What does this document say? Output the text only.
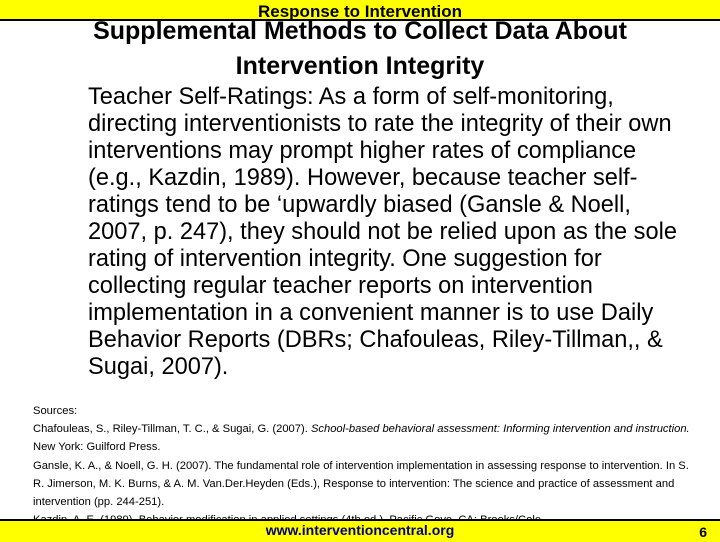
Response to Intervention
Supplemental Methods to Collect Data About
Intervention Integrity

Teacher Self-Ratings: As a form of self-monitoring, directing interventionists to rate the integrity of their own interventions may prompt higher rates of compliance (e.g., Kazdin, 1989). However, because teacher self-ratings tend to be ‘upwardly biased (Gansle & Noell, 2007, p. 247), they should not be relied upon as the sole rating of intervention integrity. One suggestion for collecting regular teacher reports on intervention implementation in a convenient manner is to use Daily Behavior Reports (DBRs; Chafouleas, Riley-Tillman,, & Sugai, 2007).

Sources:

Chafouleas, S., Riley-Tillman, T. C., & Sugai, G. (2007). School-based behavioral assessment: Informing intervention and instruction. New York: Guilford Press.

Gansle, K. A., & Noell, G. H. (2007). The fundamental role of intervention implementation in assessing response to intervention. In S. R. Jimerson, M. K. Burns, & A. M. Van.Der.Heyden (Eds.), Response to intervention: The science and practice of assessment and intervention (pp. 244-251).

www.interventioncentral.org	6
